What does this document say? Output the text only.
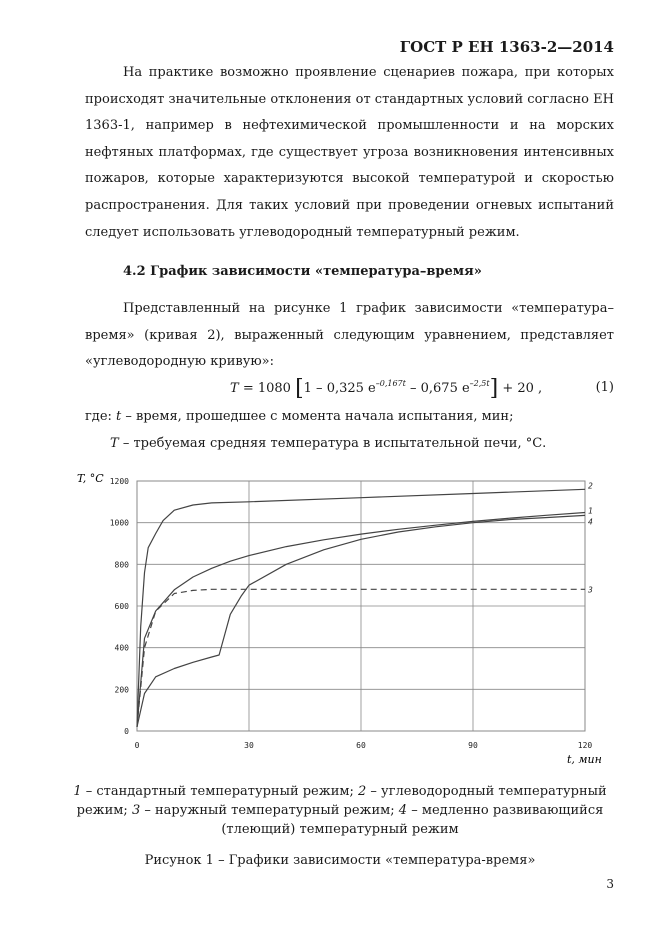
ГОСТ Р ЕН 1363-2—2014
На практике возможно проявление сценариев пожара, при которых происходят значительные отклонения от стандартных условий согласно ЕН 1363-1, например в нефтехимической промышленности и на морских нефтяных платформах, где существует угроза возникновения интенсивных пожаров, которые характеризуются высокой температурой и скоростью распространения. Для таких условий при проведении огневых испытаний следует использовать углеводородный температурный режим.
4.2 График зависимости «температура–время»
Представленный на рисунке 1 график зависимости «температура–время» (кривая 2), выраженный следующим уравнением, представляет «углеводородную кривую»:
T = 1080 [1 – 0,325 $e^{-0,167t} - 0,675$ $e^{-2,5t}] + 20$ ,	(1)
где: t – время, прошедшее с момента начала испытания, мин;
T – требуемая средняя температура в испытательной печи, °С.
1
2
3
4
0	30	60	90	120
0
200
400
600
800
1000
1200
T, °C
t, мин
1 – стандартный температурный режим; 2 – углеводородный температурный режим; 3 – наружный температурный режим; 4 – медленно развивающийся (тлеющий) температурный режим
Рисунок 1 – Графики зависимости «температура-время»
3
